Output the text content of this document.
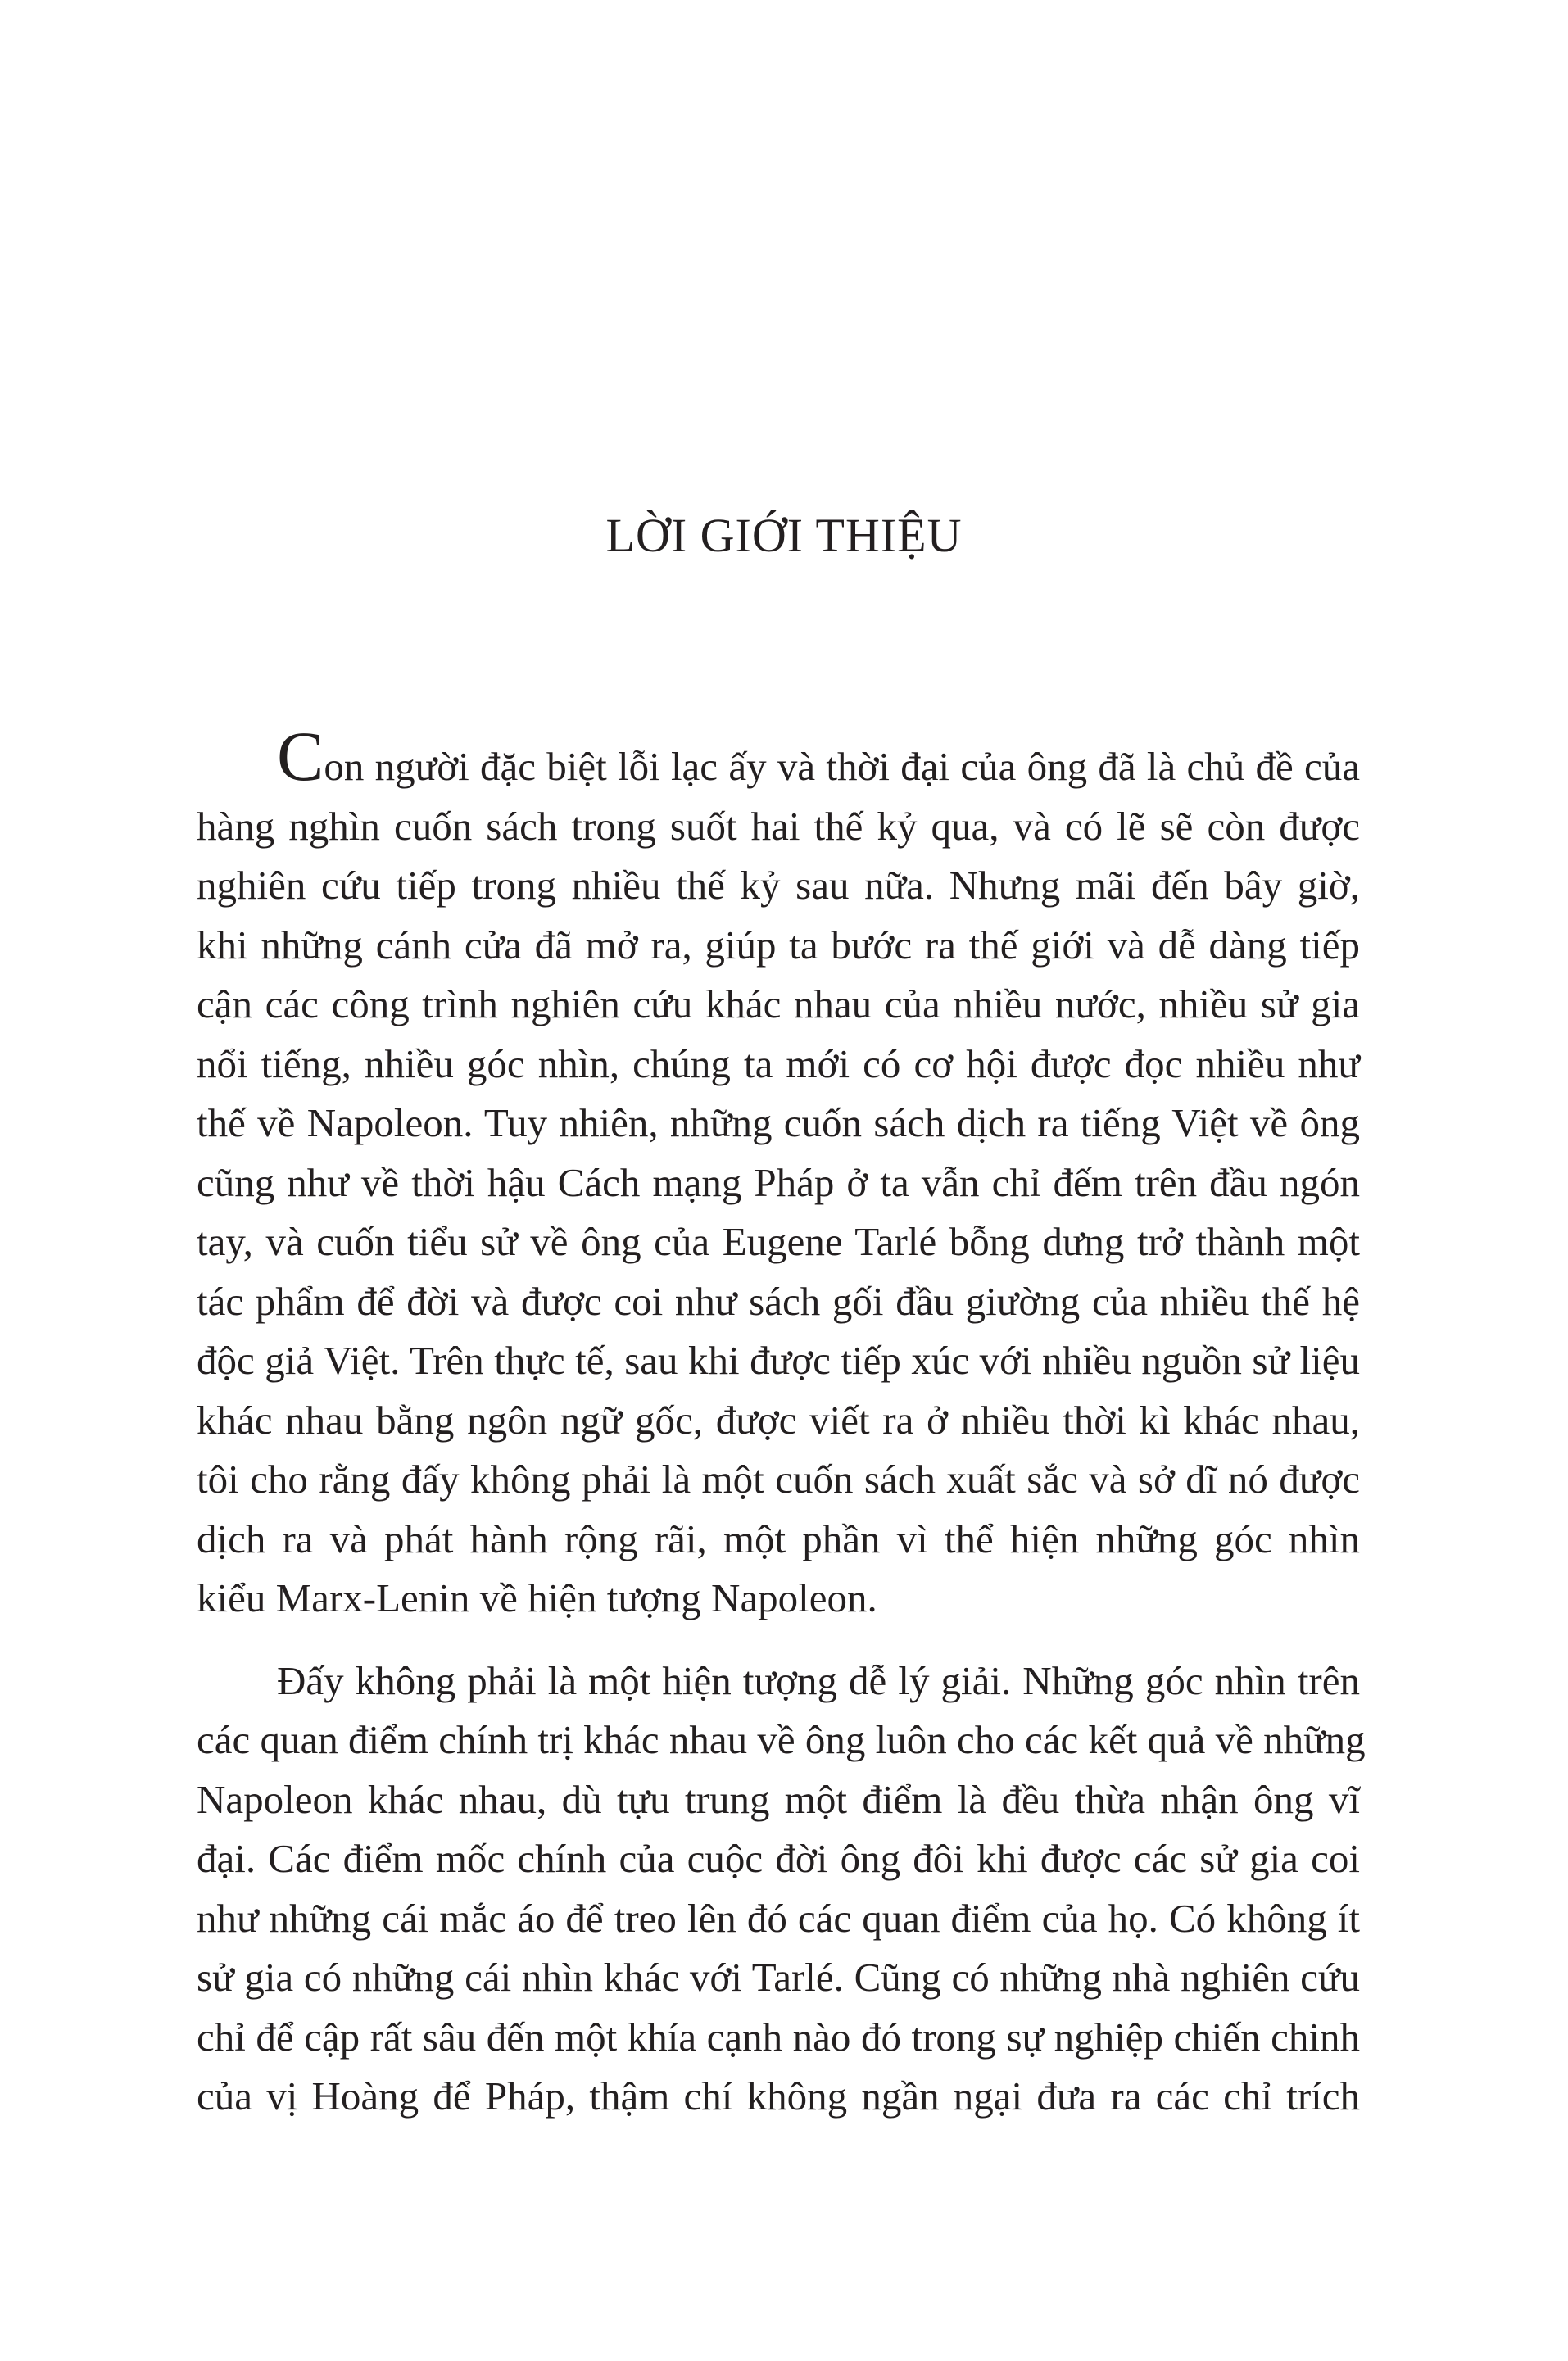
LỜI GIỚI THIỆU

Con người đặc biệt lỗi lạc ấy và thời đại của ông đã là chủ đề của
hàng nghìn cuốn sách trong suốt hai thế kỷ qua, và có lẽ sẽ còn được
nghiên cứu tiếp trong nhiều thế kỷ sau nữa. Nhưng mãi đến bây giờ,
khi những cánh cửa đã mở ra, giúp ta bước ra thế giới và dễ dàng tiếp
cận các công trình nghiên cứu khác nhau của nhiều nước, nhiều sử gia
nổi tiếng, nhiều góc nhìn, chúng ta mới có cơ hội được đọc nhiều như
thế về Napoleon. Tuy nhiên, những cuốn sách dịch ra tiếng Việt về ông
cũng như về thời hậu Cách mạng Pháp ở ta vẫn chỉ đếm trên đầu ngón
tay, và cuốn tiểu sử về ông của Eugene Tarlé bỗng dưng trở thành một
tác phẩm để đời và được coi như sách gối đầu giường của nhiều thế hệ
độc giả Việt. Trên thực tế, sau khi được tiếp xúc với nhiều nguồn sử liệu
khác nhau bằng ngôn ngữ gốc, được viết ra ở nhiều thời kì khác nhau,
tôi cho rằng đấy không phải là một cuốn sách xuất sắc và sở dĩ nó được
dịch ra và phát hành rộng rãi, một phần vì thể hiện những góc nhìn
kiểu Marx-Lenin về hiện tượng Napoleon.

Đấy không phải là một hiện tượng dễ lý giải. Những góc nhìn trên
các quan điểm chính trị khác nhau về ông luôn cho các kết quả về những
Napoleon khác nhau, dù tựu trung một điểm là đều thừa nhận ông vĩ
đại. Các điểm mốc chính của cuộc đời ông đôi khi được các sử gia coi
như những cái mắc áo để treo lên đó các quan điểm của họ. Có không ít
sử gia có những cái nhìn khác với Tarlé. Cũng có những nhà nghiên cứu
chỉ để cập rất sâu đến một khía cạnh nào đó trong sự nghiệp chiến chinh
của vị Hoàng để Pháp, thậm chí không ngần ngại đưa ra các chỉ trích
